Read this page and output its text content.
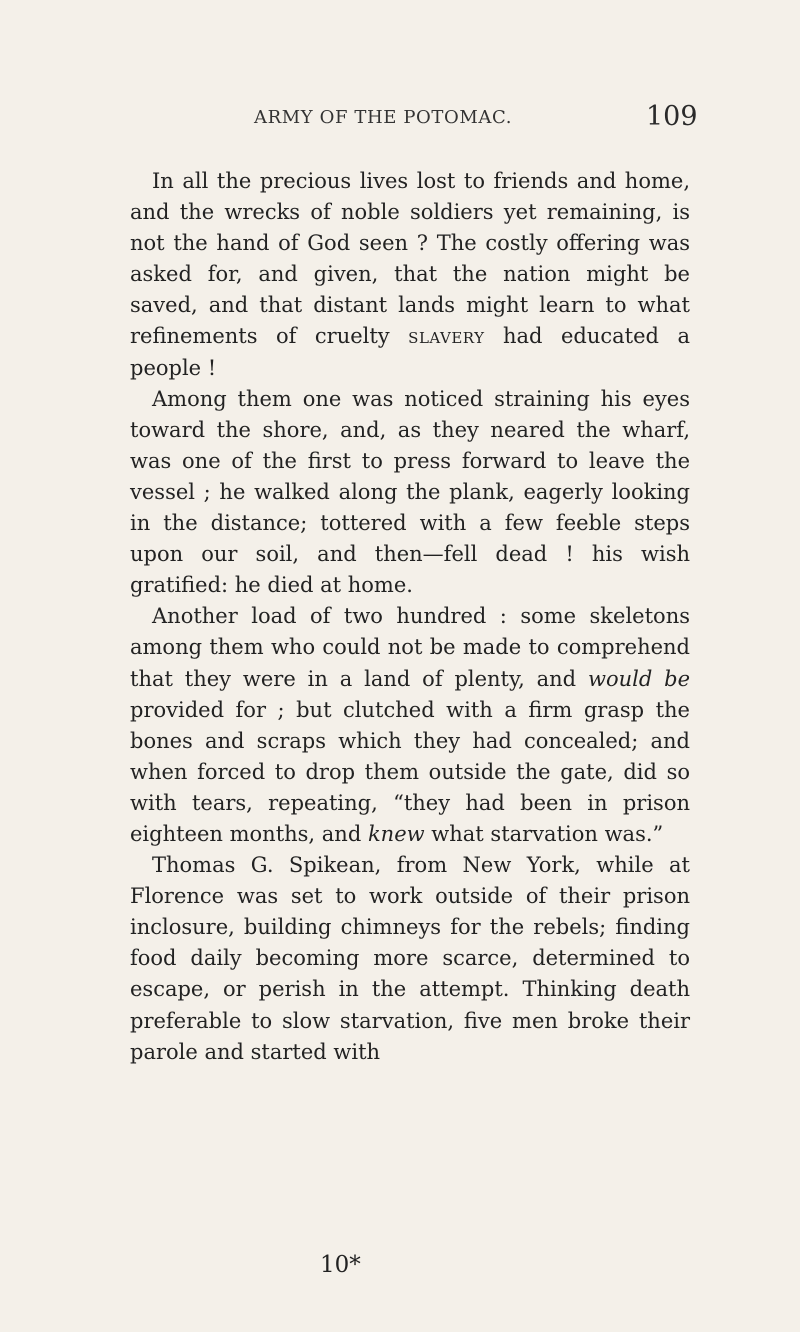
ARMY OF THE POTOMAC.	109

In all the precious lives lost to friends and home, and the wrecks of noble soldiers yet remaining, is not the hand of God seen ? The costly offering was asked for, and given, that the nation might be saved, and that distant lands might learn to what refinements of cruelty slavery had educated a people !

Among them one was noticed straining his eyes toward the shore, and, as they neared the wharf, was one of the first to press forward to leave the vessel ; he walked along the plank, eagerly looking in the distance; tottered with a few feeble steps upon our soil, and then—fell dead ! his wish gratified: he died at home.

Another load of two hundred : some skeletons among them who could not be made to comprehend that they were in a land of plenty, and would be provided for ; but clutched with a firm grasp the bones and scraps which they had concealed; and when forced to drop them outside the gate, did so with tears, repeating, “they had been in prison eighteen months, and knew what starvation was.”

Thomas G. Spikean, from New York, while at Florence was set to work outside of their prison inclosure, building chimneys for the rebels; finding food daily becoming more scarce, determined to escape, or perish in the attempt. Thinking death preferable to slow starvation, five men broke their parole and started with

10*
